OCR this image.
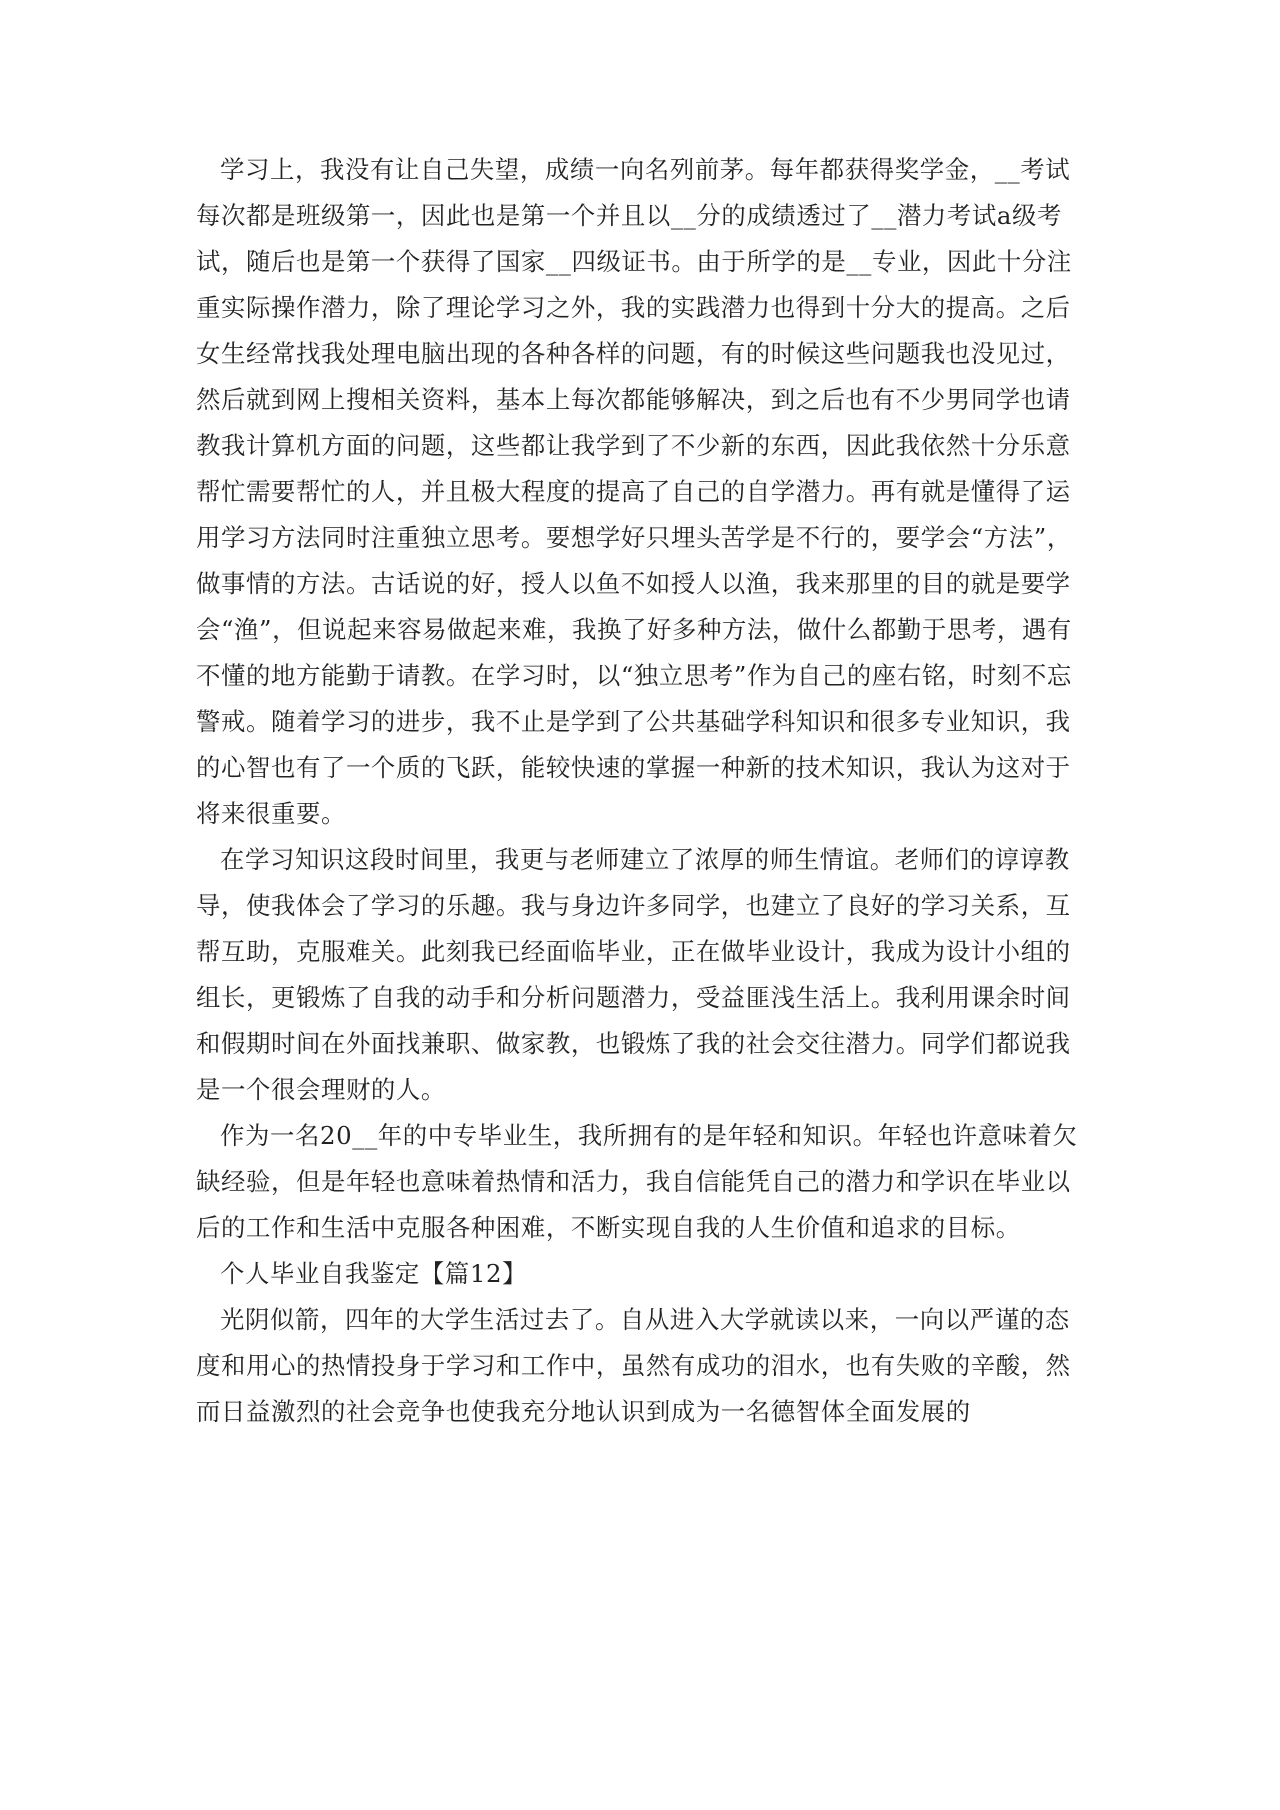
学习上，我没有让自己失望，成绩一向名列前茅。每年都获得奖学金，__考试每次都是班级第一，因此也是第一个并且以__分的成绩透过了__潜力考试a级考试，随后也是第一个获得了国家__四级证书。由于所学的是__专业，因此十分注重实际操作潜力，除了理论学习之外，我的实践潜力也得到十分大的提高。之后女生经常找我处理电脑出现的各种各样的问题，有的时候这些问题我也没见过，然后就到网上搜相关资料，基本上每次都能够解决，到之后也有不少男同学也请教我计算机方面的问题，这些都让我学到了不少新的东西，因此我依然十分乐意帮忙需要帮忙的人，并且极大程度的提高了自己的自学潜力。再有就是懂得了运用学习方法同时注重独立思考。要想学好只埋头苦学是不行的，要学会“方法”，做事情的方法。古话说的好，授人以鱼不如授人以渔，我来那里的目的就是要学会“渔”，但说起来容易做起来难，我换了好多种方法，做什么都勤于思考，遇有不懂的地方能勤于请教。在学习时，以“独立思考”作为自己的座右铭，时刻不忘警戒。随着学习的进步，我不止是学到了公共基础学科知识和很多专业知识，我的心智也有了一个质的飞跃，能较快速的掌握一种新的技术知识，我认为这对于将来很重要。

在学习知识这段时间里，我更与老师建立了浓厚的师生情谊。老师们的谆谆教导，使我体会了学习的乐趣。我与身边许多同学，也建立了良好的学习关系，互帮互助，克服难关。此刻我已经面临毕业，正在做毕业设计，我成为设计小组的组长，更锻炼了自我的动手和分析问题潜力，受益匪浅生活上。我利用课余时间和假期时间在外面找兼职、做家教，也锻炼了我的社会交往潜力。同学们都说我是一个很会理财的人。

作为一名20__年的中专毕业生，我所拥有的是年轻和知识。年轻也许意味着欠缺经验，但是年轻也意味着热情和活力，我自信能凭自己的潜力和学识在毕业以后的工作和生活中克服各种困难，不断实现自我的人生价值和追求的目标。

个人毕业自我鉴定【篇12】

光阴似箭，四年的大学生活过去了。自从进入大学就读以来，一向以严谨的态度和用心的热情投身于学习和工作中，虽然有成功的泪水，也有失败的辛酸，然而日益激烈的社会竞争也使我充分地认识到成为一名德智体全面发展的
